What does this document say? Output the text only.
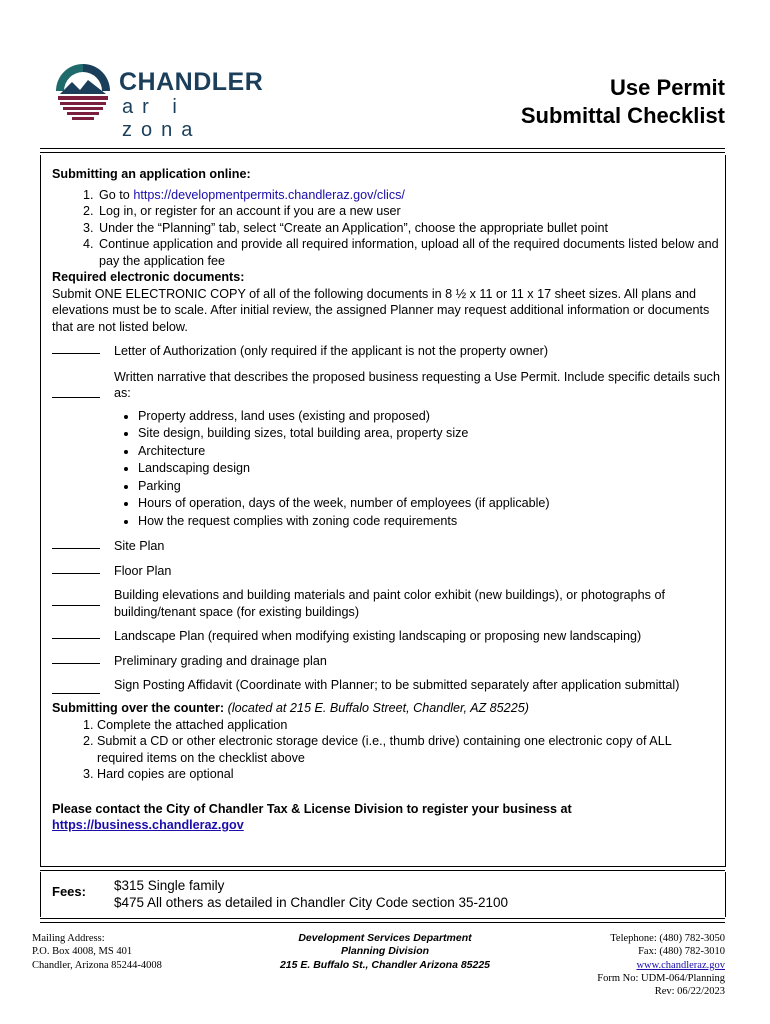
CHANDLER
ar i zona
Use Permit
Submittal Checklist
Submitting an application online:
1. Go to https://developmentpermits.chandleraz.gov/clics/
2. Log in, or register for an account if you are a new user
3. Under the “Planning” tab, select “Create an Application”, choose the appropriate bullet point
4. Continue application and provide all required information, upload all of the required documents listed below and pay the application fee
Required electronic documents:

Submit ONE ELECTRONIC COPY of all of the following documents in 8 ½ x 11 or 11 x 17 sheet sizes. All plans and elevations must be to scale. After initial review, the assigned Planner may request additional information or documents that are not listed below.

Letter of Authorization (only required if the applicant is not the property owner)
Written narrative that describes the proposed business requesting a Use Permit. Include specific details such as:
• Property address, land uses (existing and proposed)
• Site design, building sizes, total building area, property size
• Architecture
• Landscaping design
• Parking
• Hours of operation, days of the week, number of employees (if applicable)
• How the request complies with zoning code requirements
Site Plan
Floor Plan
Building elevations and building materials and paint color exhibit (new buildings), or photographs of building/tenant space (for existing buildings)
Landscape Plan (required when modifying existing landscaping or proposing new landscaping)
Preliminary grading and drainage plan
Sign Posting Affidavit (Coordinate with Planner; to be submitted separately after application submittal)
Submitting over the counter: (located at 215 E. Buffalo Street, Chandler, AZ 85225)
1. Complete the attached application
2. Submit a CD or other electronic storage device (i.e., thumb drive) containing one electronic copy of ALL required items on the checklist above
3. Hard copies are optional
Please contact the City of Chandler Tax & License Division to register your business at
https://business.chandleraz.gov
Fees: $315 Single family
$475 All others as detailed in Chandler City Code section 35-2100
Mailing Address:
P.O. Box 4008, MS 401
Chandler, Arizona 85244-4008
Development Services Department
Planning Division
215 E. Buffalo St., Chandler Arizona 85225
Telephone: (480) 782-3050
Fax: (480) 782-3010
www.chandleraz.gov
Form No: UDM-064/Planning
Rev: 06/22/2023
